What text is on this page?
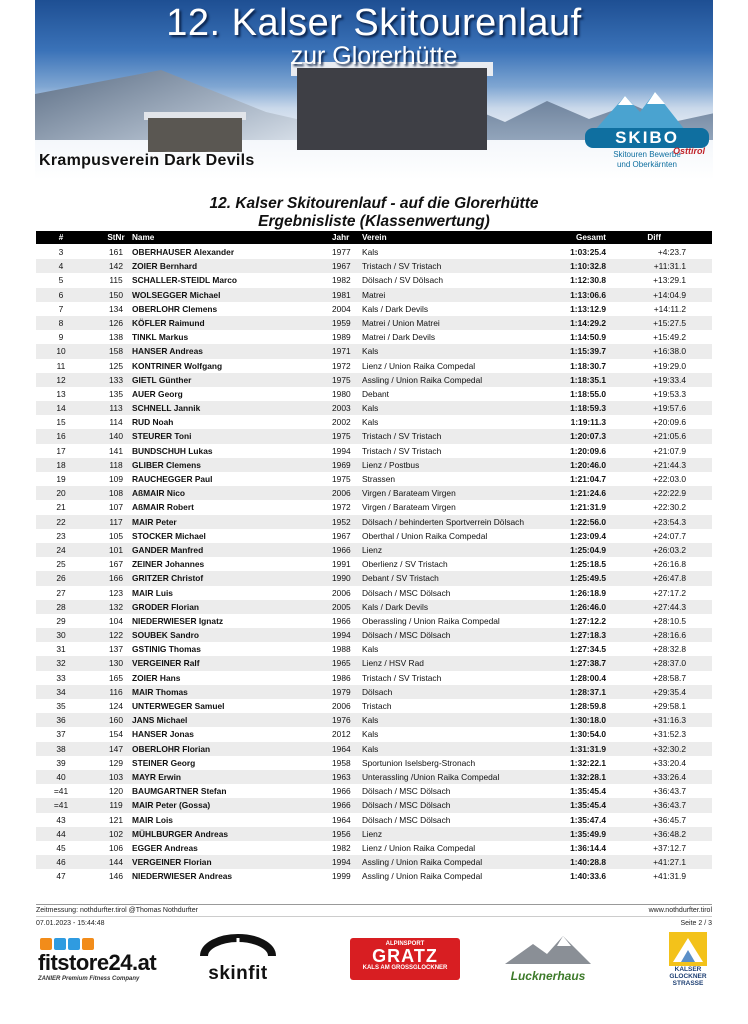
12. Kalser Skitourenlauf
zur Glorerhütte
Krampusverein Dark Devils
SKIBO
Skitouren Bewerbe
und Oberkärnten
Osttirol
12. Kalser Skitourenlauf - auf die Glorerhütte
Ergebnisliste (Klassenwertung)
#	StNr Name	Jahr Verein	Gesamt	Diff
3	161	OBERHAUSER Alexander	1977 Kals	1:03:25.4	+4:23.7
4	142	ZOIER Bernhard	1967 Tristach / SV Tristach	1:10:32.8	+11:31.1
5	115	SCHALLER-STEIDL Marco	1982 Dölsach / SV Dölsach	1:12:30.8	+13:29.1
6	150	WOLSEGGER Michael	1981 Matrei	1:13:06.6	+14:04.9
7	134	OBERLOHR Clemens	2004 Kals / Dark Devils	1:13:12.9	+14:11.2
8	126	KÖFLER Raimund	1959 Matrei / Union Matrei	1:14:29.2	+15:27.5
9	138	TINKL Markus	1989 Matrei / Dark Devils	1:14:50.9	+15:49.2
10	158	HANSER Andreas	1971 Kals	1:15:39.7	+16:38.0
11	125	KONTRINER Wolfgang	1972 Lienz / Union Raika Compedal	1:18:30.7	+19:29.0
12	133	GIETL Günther	1975 Assling / Union Raika Compedal	1:18:35.1	+19:33.4
13	135	AUER Georg	1980 Debant	1:18:55.0	+19:53.3
14	113	SCHNELL Jannik	2003 Kals	1:18:59.3	+19:57.6
15	114	RUD Noah	2002 Kals	1:19:11.3	+20:09.6
16	140	STEURER Toni	1975 Tristach / SV Tristach	1:20:07.3	+21:05.6
17	141	BUNDSCHUH Lukas	1994 Tristach / SV Tristach	1:20:09.6	+21:07.9
18	118	GLIBER Clemens	1969 Lienz / Postbus	1:20:46.0	+21:44.3
19	109	RAUCHEGGER Paul	1975 Strassen	1:21:04.7	+22:03.0
20	108	AßMAIR Nico	2006 Virgen / Barateam Virgen	1:21:24.6	+22:22.9
21	107	AßMAIR Robert	1972 Virgen / Barateam Virgen	1:21:31.9	+22:30.2
22	117	MAIR Peter	1952 Dölsach / behinderten Sportverrein Dölsach	1:22:56.0	+23:54.3
23	105	STOCKER Michael	1967 Oberthal / Union Raika Compedal	1:23:09.4	+24:07.7
24	101	GANDER Manfred	1966 Lienz	1:25:04.9	+26:03.2
25	167	ZEINER Johannes	1991 Oberlienz / SV Tristach	1:25:18.5	+26:16.8
26	166	GRITZER Christof	1990 Debant / SV Tristach	1:25:49.5	+26:47.8
27	123	MAIR Luis	2006 Dölsach / MSC Dölsach	1:26:18.9	+27:17.2
28	132	GRODER Florian	2005 Kals / Dark Devils	1:26:46.0	+27:44.3
29	104	NIEDERWIESER Ignatz	1966 Oberassling / Union Raika Compedal	1:27:12.2	+28:10.5
30	122	SOUBEK Sandro	1994 Dölsach / MSC Dölsach	1:27:18.3	+28:16.6
31	137	GSTINIG Thomas	1988 Kals	1:27:34.5	+28:32.8
32	130	VERGEINER Ralf	1965 Lienz / HSV Rad	1:27:38.7	+28:37.0
33	165	ZOIER Hans	1986 Tristach / SV Tristach	1:28:00.4	+28:58.7
34	116	MAIR Thomas	1979 Dölsach	1:28:37.1	+29:35.4
35	124	UNTERWEGER Samuel	2006 Tristach	1:28:59.8	+29:58.1
36	160	JANS Michael	1976 Kals	1:30:18.0	+31:16.3
37	154	HANSER Jonas	2012 Kals	1:30:54.0	+31:52.3
38	147	OBERLOHR Florian	1964 Kals	1:31:31.9	+32:30.2
39	129	STEINER Georg	1958 Sportunion Iselsberg-Stronach	1:32:22.1	+33:20.4
40	103	MAYR Erwin	1963 Unterassling /Union Raika Compedal	1:32:28.1	+33:26.4
=41	120	BAUMGARTNER Stefan	1966 Dölsach / MSC Dölsach	1:35:45.4	+36:43.7
=41	119	MAIR Peter (Gossa)	1966 Dölsach / MSC Dölsach	1:35:45.4	+36:43.7
43	121	MAIR Lois	1964 Dölsach / MSC Dölsach	1:35:47.4	+36:45.7
44	102	MÜHLBURGER Andreas	1956 Lienz	1:35:49.9	+36:48.2
45	106	EGGER Andreas	1982 Lienz / Union Raika Compedal	1:36:14.4	+37:12.7
46	144	VERGEINER Florian	1994 Assling / Union Raika Compedal	1:40:28.8	+41:27.1
47	146	NIEDERWIESER Andreas	1999 Assling / Union Raika Compedal	1:40:33.6	+41:31.9
Zeitmessung: nothdurfter.tirol @Thomas Nothdurfter	www.nothdurfter.tirol
07.01.2023 - 15:44:48	Seite 2 / 3
fitstore24.at
ZANIER Premium Fitness Company	skinfit
ALPINSPORT
GRATZ
KALS AM GROSSGLOCKNER
Lucknerhaus	KALSER
GLOCKNER
STRASSE
